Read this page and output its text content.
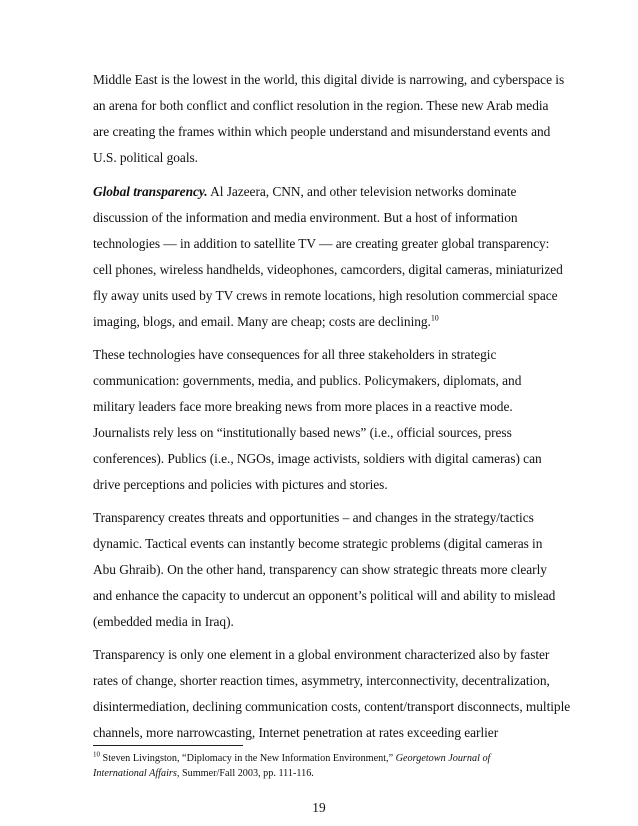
Middle East is the lowest in the world, this digital divide is narrowing, and cyberspace is
an arena for both conflict and conflict resolution in the region. These new Arab media
are creating the frames within which people understand and misunderstand events and
U.S. political goals.
Global transparency. Al Jazeera, CNN, and other television networks dominate
discussion of the information and media environment. But a host of information
technologies — in addition to satellite TV — are creating greater global transparency:
cell phones, wireless handhelds, videophones, camcorders, digital cameras, miniaturized
fly away units used by TV crews in remote locations, high resolution commercial space
imaging, blogs, and email. Many are cheap; costs are declining.$^{10}$
These technologies have consequences for all three stakeholders in strategic
communication: governments, media, and publics. Policymakers, diplomats, and
military leaders face more breaking news from more places in a reactive mode.
Journalists rely less on “institutionally based news” (i.e., official sources, press
conferences). Publics (i.e., NGOs, image activists, soldiers with digital cameras) can
drive perceptions and policies with pictures and stories.
Transparency creates threats and opportunities – and changes in the strategy/tactics
dynamic. Tactical events can instantly become strategic problems (digital cameras in
Abu Ghraib). On the other hand, transparency can show strategic threats more clearly
and enhance the capacity to undercut an opponent’s political will and ability to mislead
(embedded media in Iraq).
Transparency is only one element in a global environment characterized also by faster
rates of change, shorter reaction times, asymmetry, interconnectivity, decentralization,
disintermediation, declining communication costs, content/transport disconnects, multiple
channels, more narrowcasting, Internet penetration at rates exceeding earlier
$^{10}$ Steven Livingston, “Diplomacy in the New Information Environment,” Georgetown Journal of
International Affairs, Summer/Fall 2003, pp. 111-116.
19
